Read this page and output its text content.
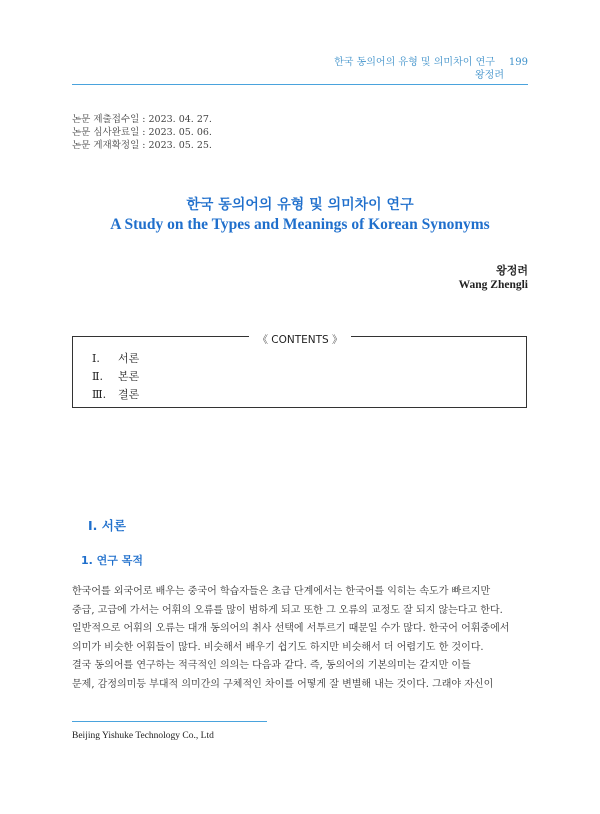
한국 동의어의 유형 및 의미차이 연구 199
왕정려
논문 제출접수일 : 2023. 04. 27.
논문 심사완료일 : 2023. 05. 06.
논문 게재확정일 : 2023. 05. 25.
한국 동의어의 유형 및 의미차이 연구
A Study on the Types and Meanings of Korean Synonyms
왕정려
Wang Zhengli
《 CONTENTS 》
Ⅰ. 서론
Ⅱ. 본론
Ⅲ. 결론
Ⅰ. 서론
1. 연구 목적
한국어를 외국어로 배우는 중국어 학습자들은 초급 단계에서는 한국어를 익히는 속도가 빠르지만
중급, 고급에 가서는 어휘의 오류를 많이 범하게 되고 또한 그 오류의 교정도 잘 되지 않는다고 한다.
일반적으로 어휘의 오류는 대개 동의어의 취사 선택에 서투르기 때문일 수가 많다. 한국어 어휘중에서
의미가 비슷한 어휘들이 많다. 비슷해서 배우기 쉽기도 하지만 비슷해서 더 어렵기도 한 것이다.
결국 동의어를 연구하는 적극적인 의의는 다음과 같다. 즉, 동의어의 기본의미는 같지만 이들
문제, 감정의미등 부대적 의미간의 구체적인 차이를 어떻게 잘 변별해 내는 것이다. 그래야 자신이
Beijing Yishuke Technology Co., Ltd
